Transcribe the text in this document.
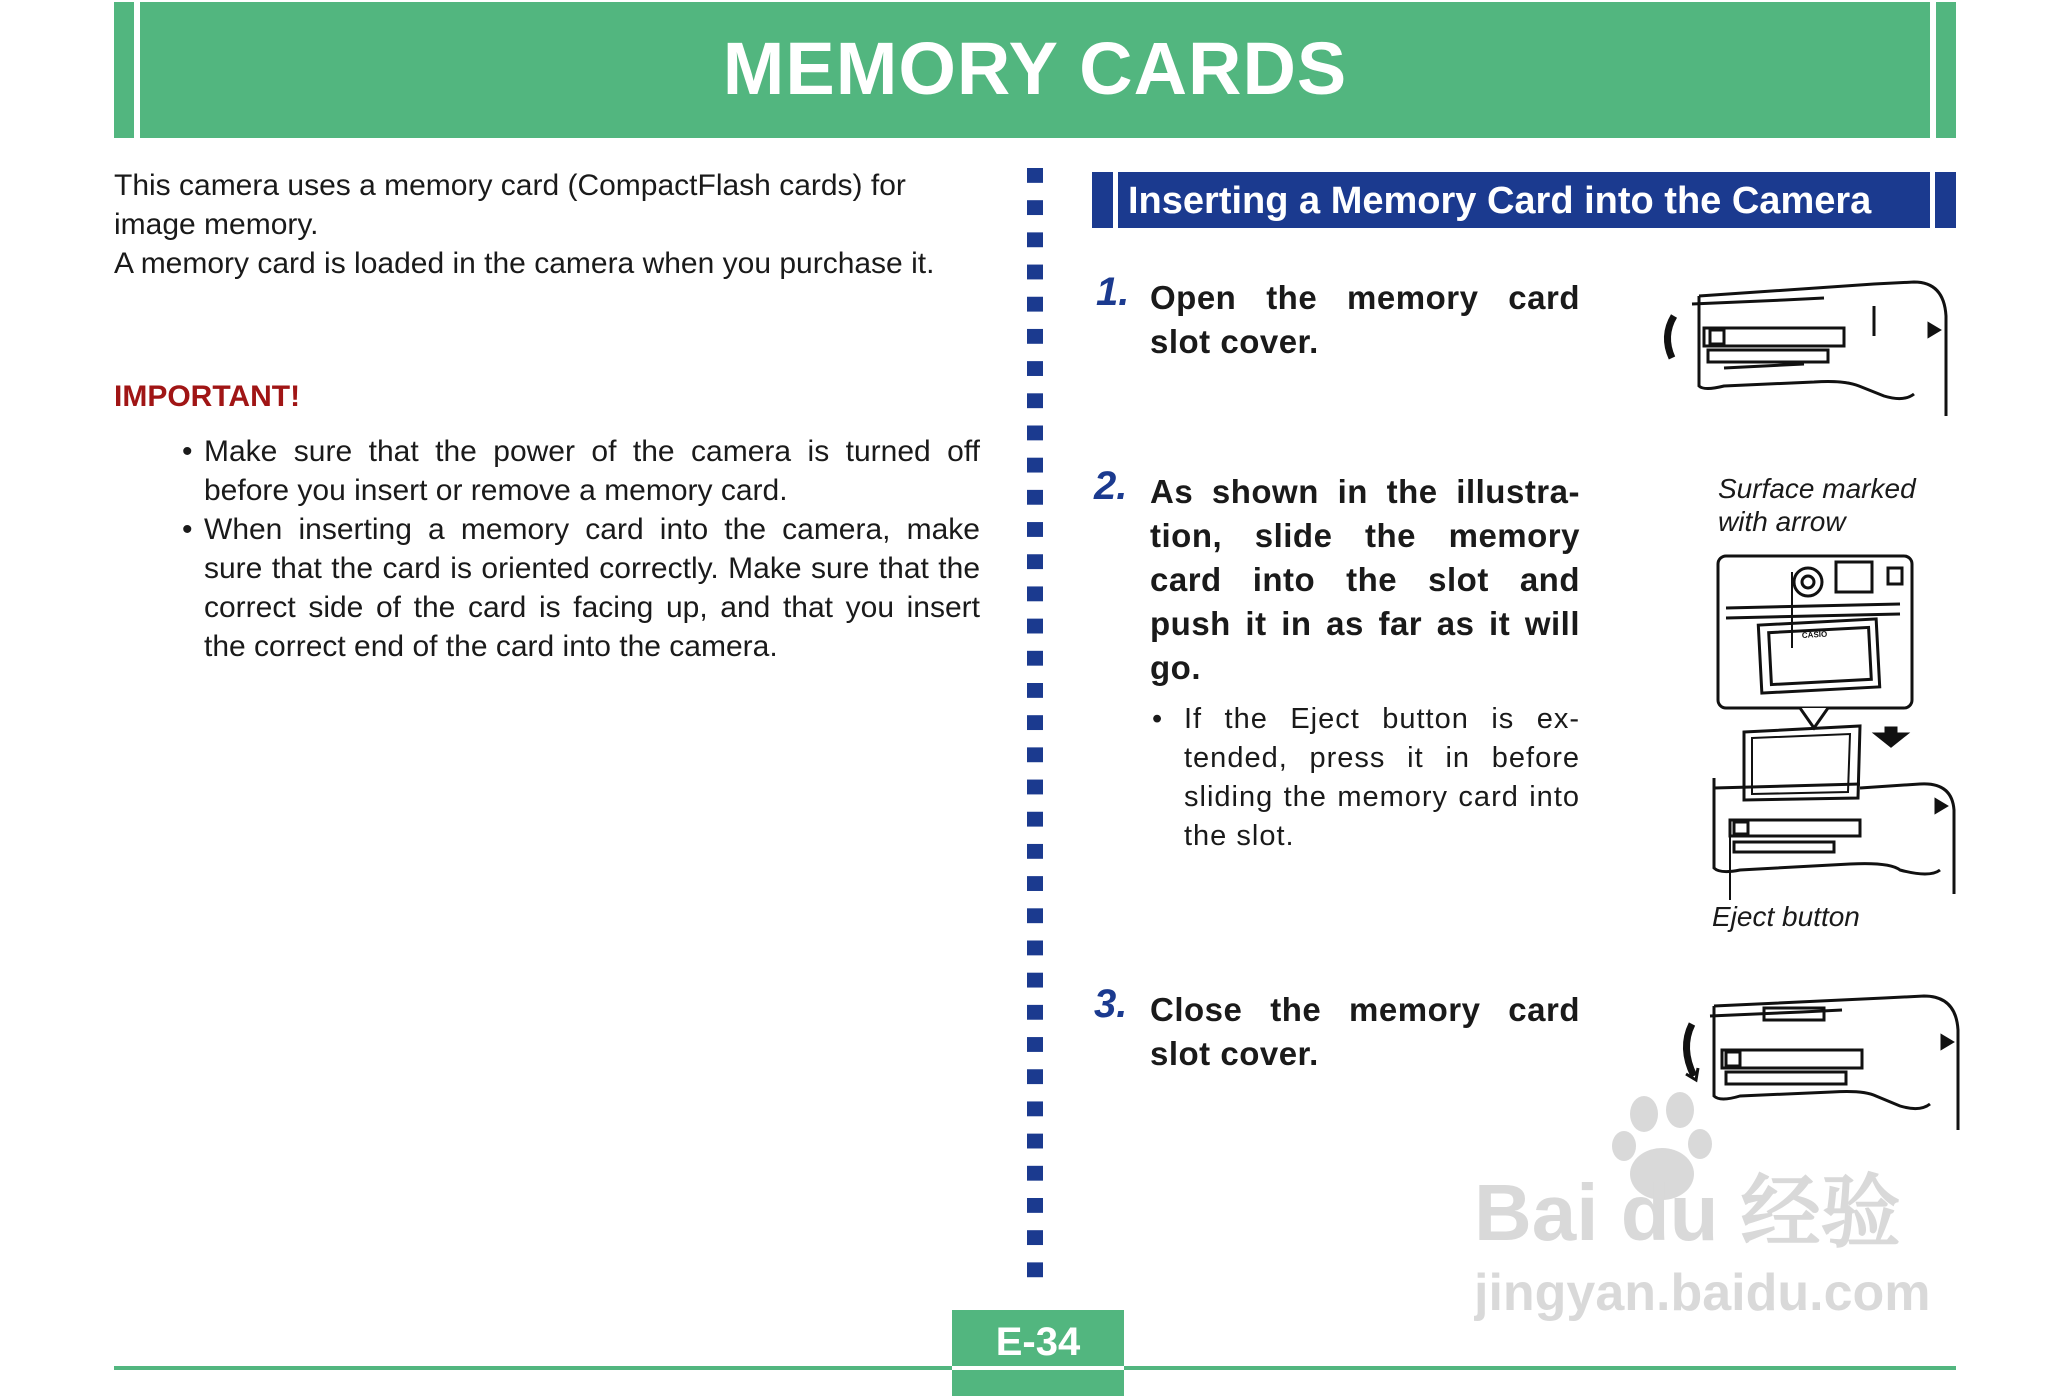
MEMORY CARDS

This camera uses a memory card (CompactFlash cards) for image memory.

A memory card is loaded in the camera when you purchase it.

IMPORTANT!
• Make sure that the power of the camera is turned off before you insert or remove a memory card.
• When inserting a memory card into the camera, make sure that the card is oriented correctly. Make sure that the correct side of the card is facing up, and that you insert the correct end of the card into the camera.
Inserting a Memory Card into the Camera
1. Open the memory card slot cover.
2. As shown in the illustra-tion, slide the memory card into the slot and push it in as far as it will go.
• If the Eject button is ex-tended, press it in before sliding the memory card into the slot.
Surface marked with arrow
CASIO
Eject button
3. Close the memory card slot cover.
Bai du 经验
jingyan.baidu.com
E-34
